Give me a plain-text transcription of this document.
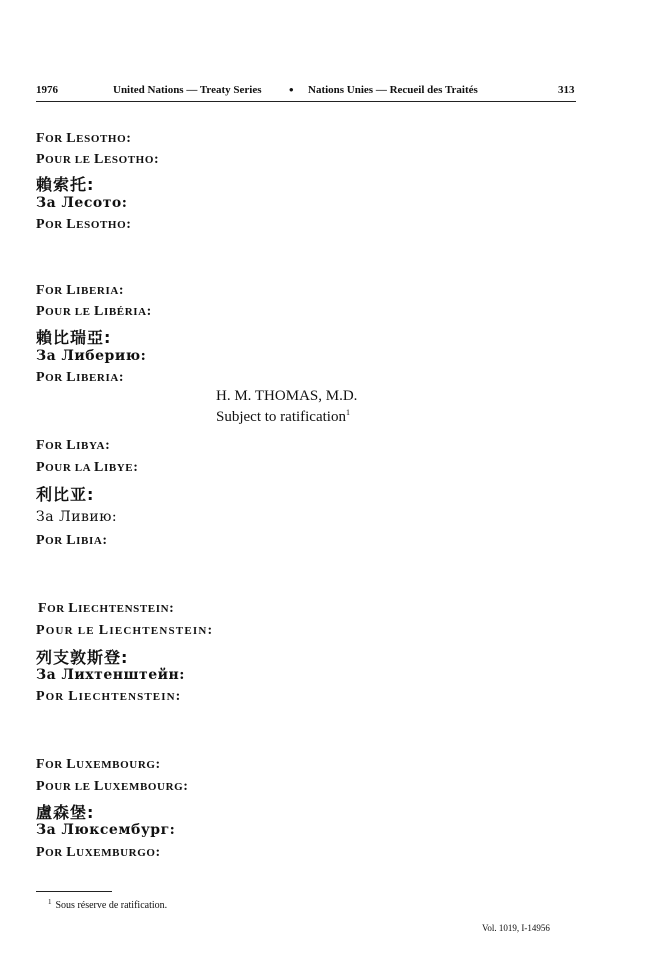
1976	United Nations — Treaty Series • Nations Unies — Recueil des Traités	313
FOR LESOTHO:
POUR LE LESOTHO:
賴索托:
За Лесото:
POR LESOTHO:
FOR LIBERIA:
POUR LE LIBÉRIA:
賴比瑞亞:
За Либерию:
POR LIBERIA:
H. M. THOMAS, M.D.
Subject to ratification$^1$
FOR LIBYA:
POUR LA LIBYE:
利比亚:
За Ливию:
POR LIBIA:
FOR LIECHTENSTEIN:
POUR LE LIECHTENSTEIN:
列支敦斯登:
За Лихтенштейн:
POR LIECHTENSTEIN:
FOR LUXEMBOURG:
POUR LE LUXEMBOURG:
盧森堡:
За Люксембург:
POR LUXEMBURGO:
$^1$ Sous réserve de ratification.
Vol. 1019, I-14956
